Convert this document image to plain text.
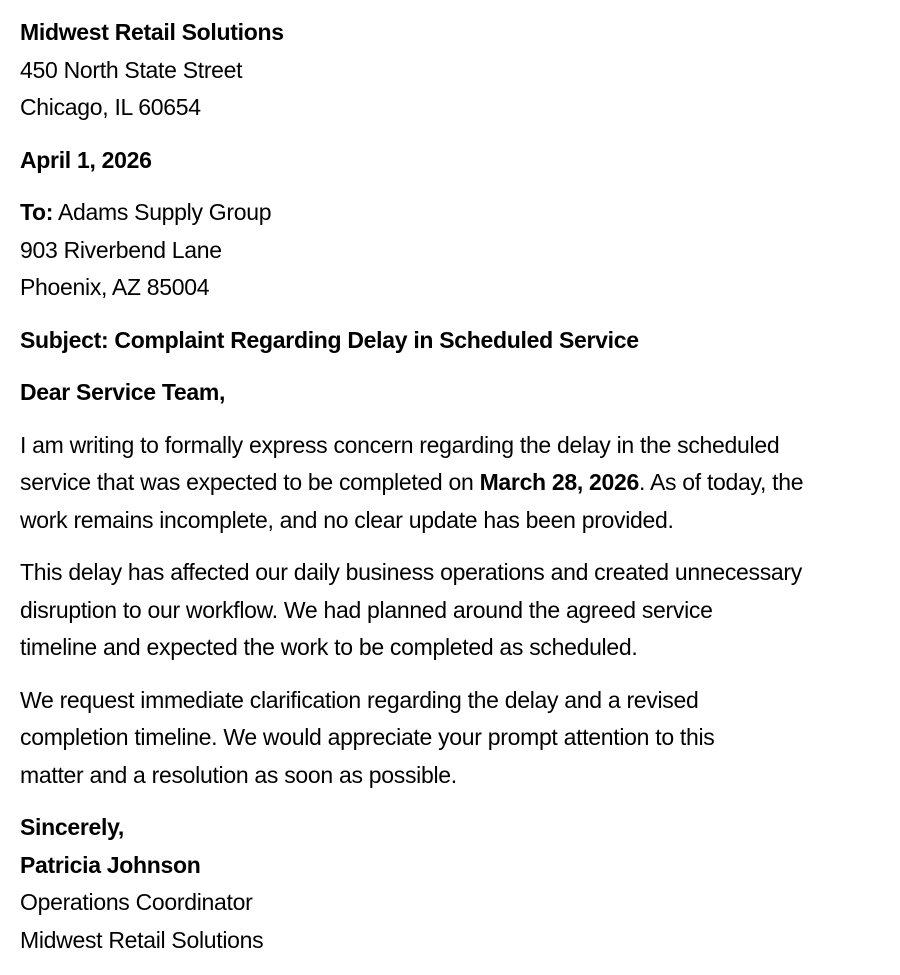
Midwest Retail Solutions
450 North State Street
Chicago, IL 60654
April 1, 2026
To: Adams Supply Group
903 Riverbend Lane
Phoenix, AZ 85004
Subject: Complaint Regarding Delay in Scheduled Service
Dear Service Team,
I am writing to formally express concern regarding the delay in the scheduled
service that was expected to be completed on March 28, 2026. As of today, the
work remains incomplete, and no clear update has been provided.
This delay has affected our daily business operations and created unnecessary
disruption to our workflow. We had planned around the agreed service
timeline and expected the work to be completed as scheduled.
We request immediate clarification regarding the delay and a revised
completion timeline. We would appreciate your prompt attention to this
matter and a resolution as soon as possible.
Sincerely,
Patricia Johnson
Operations Coordinator
Midwest Retail Solutions
